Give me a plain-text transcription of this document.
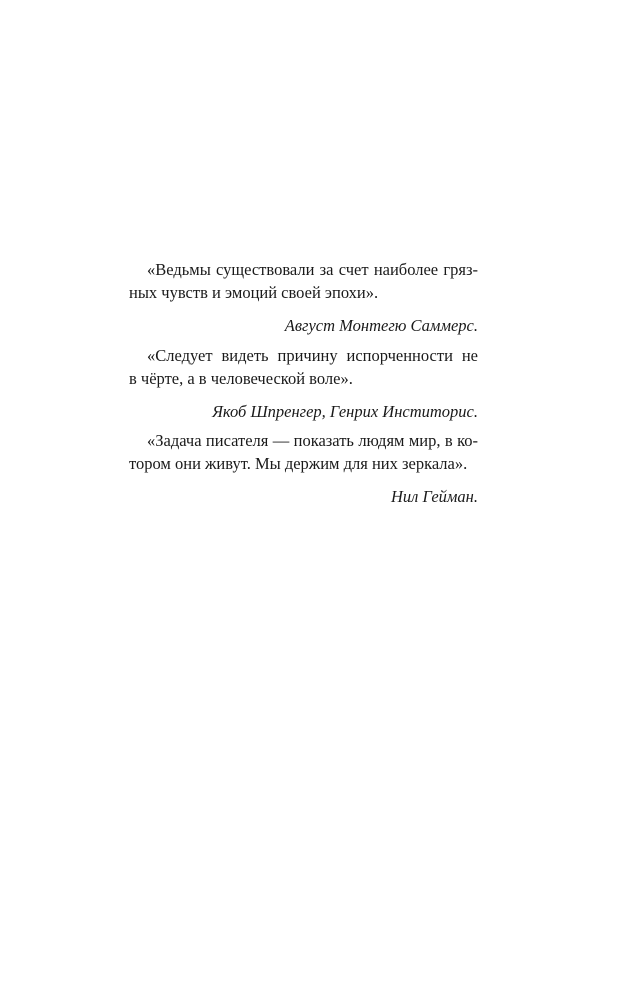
«Ведьмы существовали за счет наиболее гряз-
ных чувств и эмоций своей эпохи».
Август Монтегю Саммерс.
«Следует видеть причину испорченности не
в чёрте, а в человеческой воле».
Якоб Шпренгер, Генрих Инститорис.
«Задача писателя — показать людям мир, в ко-
тором они живут. Мы держим для них зеркала».
Нил Гейман.
